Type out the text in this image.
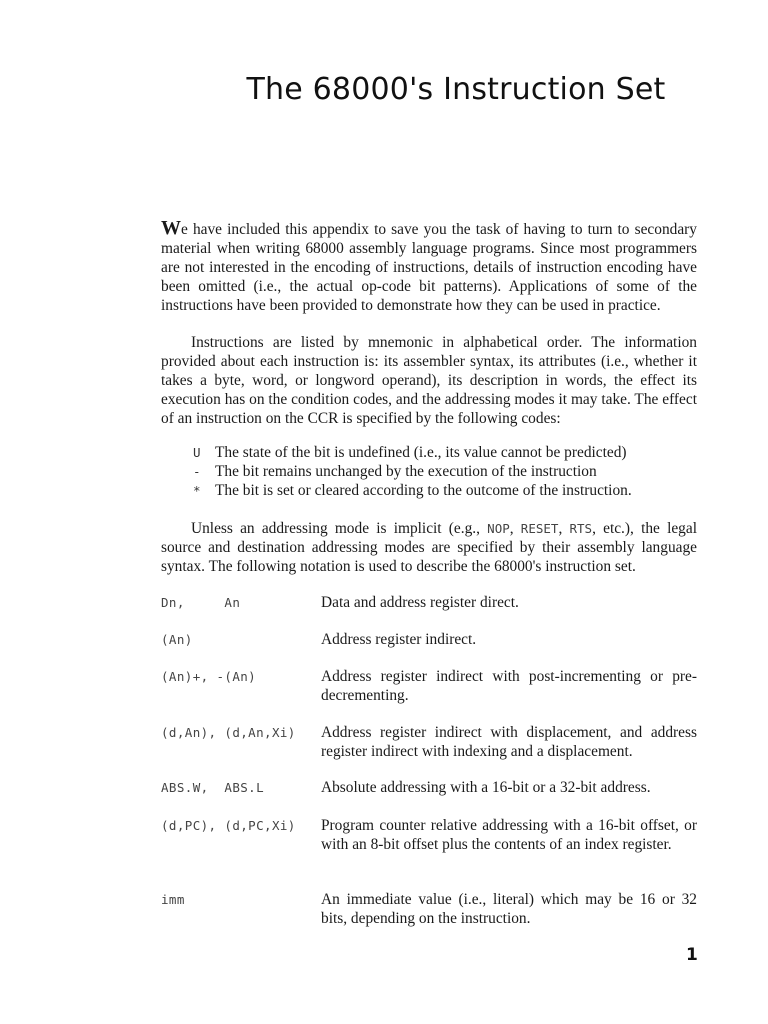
The 68000's Instruction Set

We have included this appendix to save you the task of having to turn to secondary material when writing 68000 assembly language programs. Since most programmers are not interested in the encoding of instructions, details of instruction encoding have been omitted (i.e., the actual op-code bit patterns). Applications of some of the instructions have been provided to demonstrate how they can be used in practice.

Instructions are listed by mnemonic in alphabetical order. The information provided about each instruction is: its assembler syntax, its attributes (i.e., whether it takes a byte, word, or longword operand), its description in words, the effect its execution has on the condition codes, and the addressing modes it may take. The effect of an instruction on the CCR is specified by the following codes:

U The state of the bit is undefined (i.e., its value cannot be predicted)
- The bit remains unchanged by the execution of the instruction
* The bit is set or cleared according to the outcome of the instruction.

Unless an addressing mode is implicit (e.g., NOP, RESET, RTS, etc.), the legal source and destination addressing modes are specified by their assembly language syntax. The following notation is used to describe the 68000's instruction set.

Dn,     An	Data and address register direct.
(An)	Address register indirect.
(An)+, -(An)	Address register indirect with post-incrementing or pre-decrementing.
(d,An), (d,An,Xi)	Address register indirect with displacement, and address register indirect with indexing and a displacement.
ABS.W,  ABS.L	Absolute addressing with a 16-bit or a 32-bit address.
(d,PC), (d,PC,Xi)	Program counter relative addressing with a 16-bit offset, or with an 8-bit offset plus the contents of an index register.
imm	An immediate value (i.e., literal) which may be 16 or 32 bits, depending on the instruction.
1
